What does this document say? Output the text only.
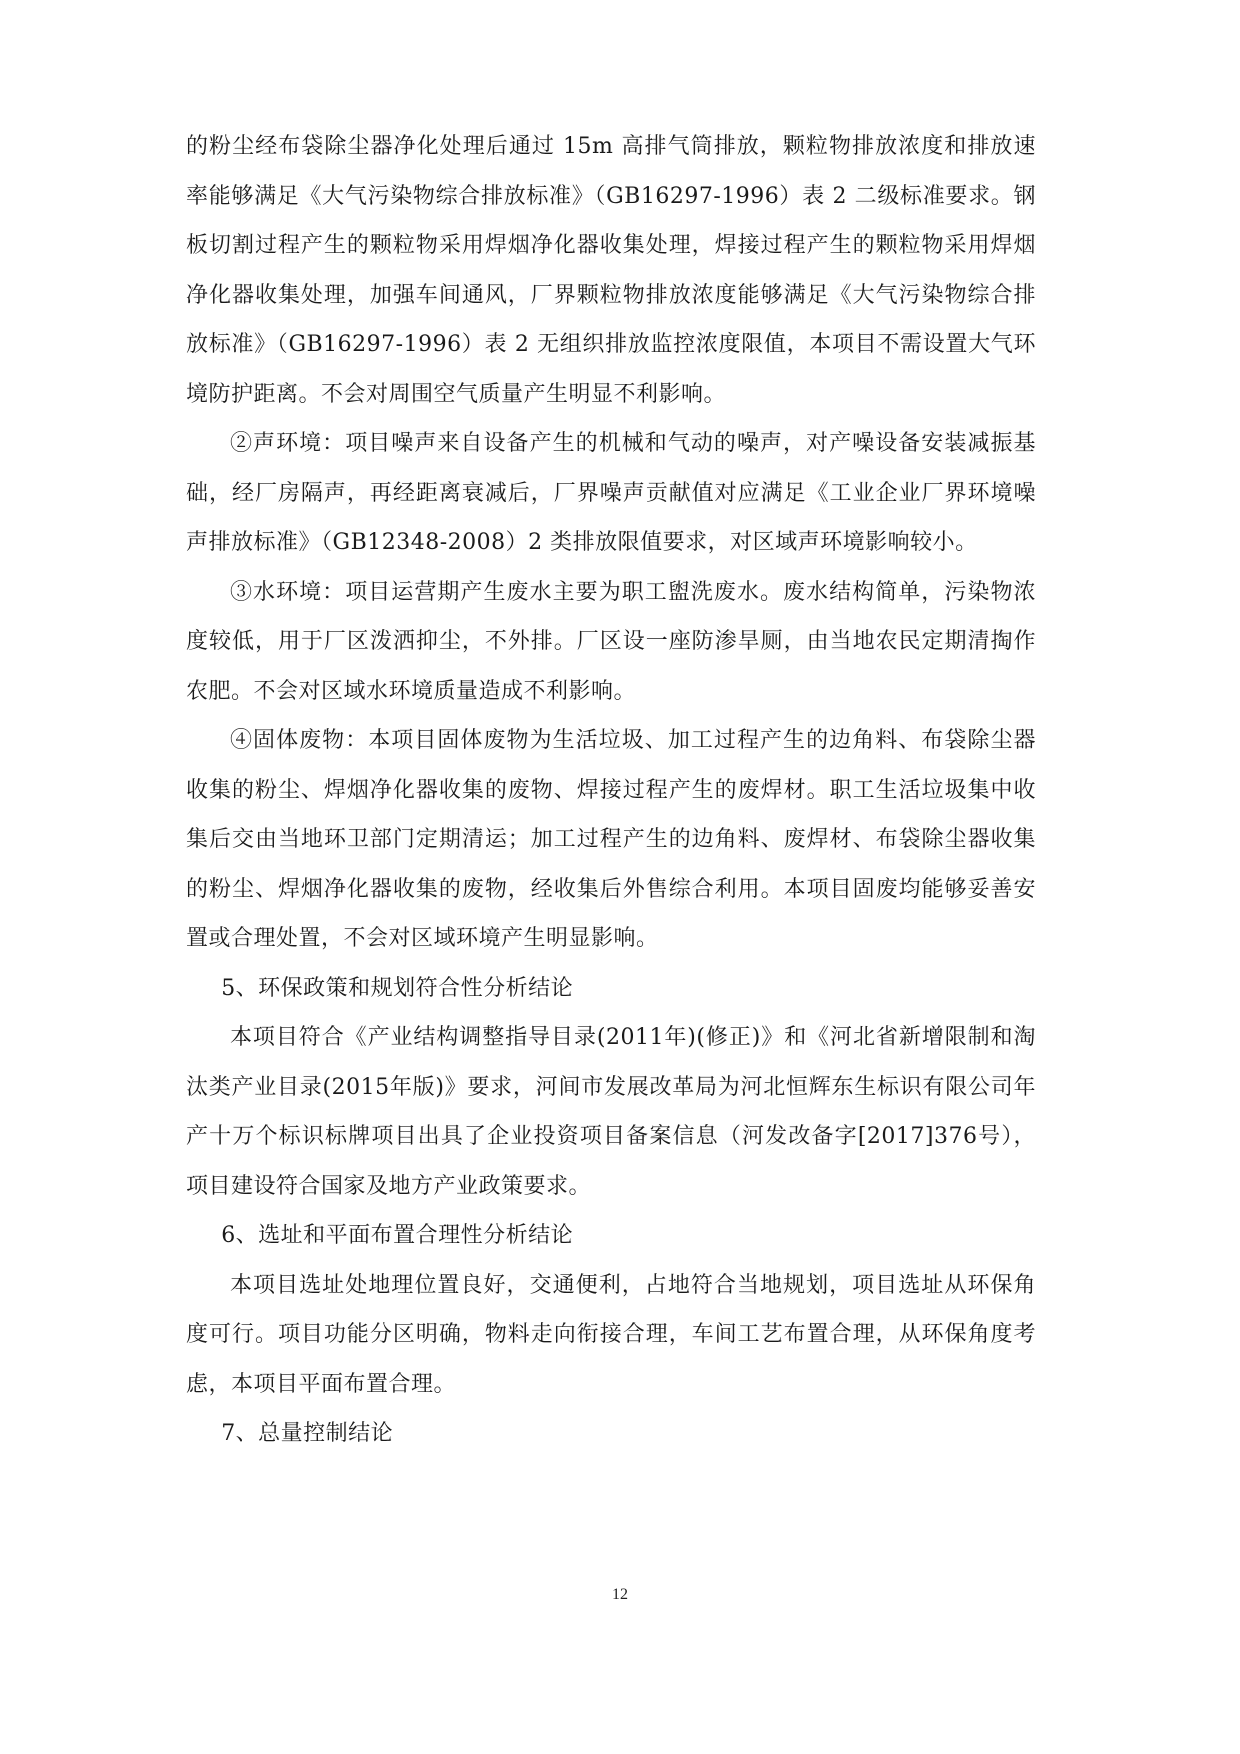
的粉尘经布袋除尘器净化处理后通过 15m 高排气筒排放，颗粒物排放浓度和排放速率能够满足《大气污染物综合排放标准》（GB16297-1996）表 2 二级标准要求。钢板切割过程产生的颗粒物采用焊烟净化器收集处理，焊接过程产生的颗粒物采用焊烟净化器收集处理，加强车间通风，厂界颗粒物排放浓度能够满足《大气污染物综合排放标准》（GB16297-1996）表 2 无组织排放监控浓度限值，本项目不需设置大气环境防护距离。不会对周围空气质量产生明显不利影响。

②声环境：项目噪声来自设备产生的机械和气动的噪声，对产噪设备安装减振基础，经厂房隔声，再经距离衰减后，厂界噪声贡献值对应满足《工业企业厂界环境噪声排放标准》（GB12348-2008）2 类排放限值要求，对区域声环境影响较小。

③水环境：项目运营期产生废水主要为职工盥洗废水。废水结构简单，污染物浓度较低，用于厂区泼洒抑尘，不外排。厂区设一座防渗旱厕，由当地农民定期清掏作农肥。不会对区域水环境质量造成不利影响。

④固体废物：本项目固体废物为生活垃圾、加工过程产生的边角料、布袋除尘器收集的粉尘、焊烟净化器收集的废物、焊接过程产生的废焊材。职工生活垃圾集中收集后交由当地环卫部门定期清运；加工过程产生的边角料、废焊材、布袋除尘器收集的粉尘、焊烟净化器收集的废物，经收集后外售综合利用。本项目固废均能够妥善安置或合理处置，不会对区域环境产生明显影响。

5、环保政策和规划符合性分析结论

本项目符合《产业结构调整指导目录(2011年)(修正)》和《河北省新增限制和淘汰类产业目录(2015年版)》要求，河间市发展改革局为河北恒辉东生标识有限公司年产十万个标识标牌项目出具了企业投资项目备案信息（河发改备字[2017]376号），项目建设符合国家及地方产业政策要求。

6、选址和平面布置合理性分析结论

本项目选址处地理位置良好，交通便利，占地符合当地规划，项目选址从环保角度可行。项目功能分区明确，物料走向衔接合理，车间工艺布置合理，从环保角度考虑，本项目平面布置合理。

7、总量控制结论

12
